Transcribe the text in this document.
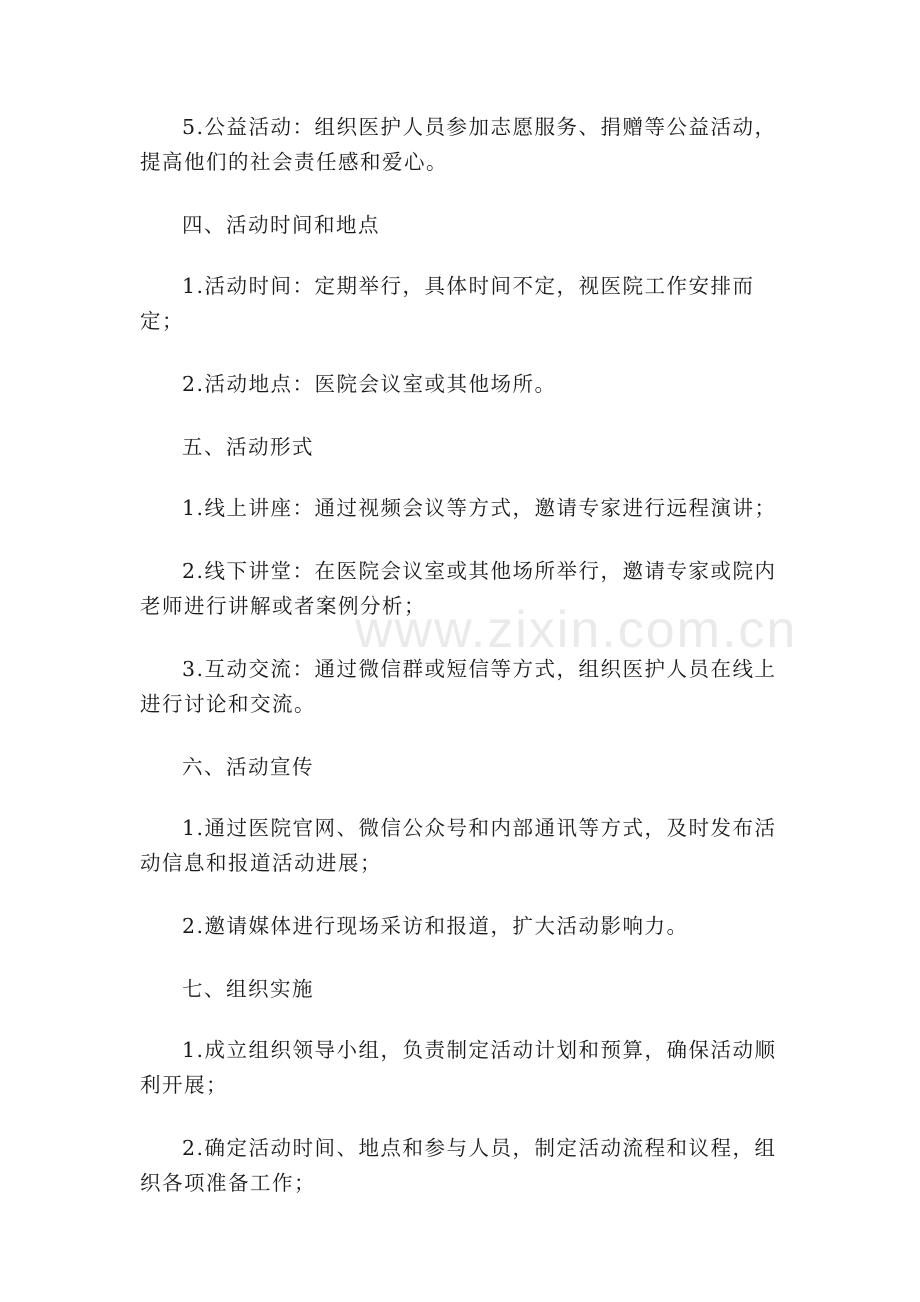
5.公益活动：组织医护人员参加志愿服务、捐赠等公益活动，提高他们的社会责任感和爱心。

四、活动时间和地点

1.活动时间：定期举行，具体时间不定，视医院工作安排而定；

2.活动地点：医院会议室或其他场所。

五、活动形式

1.线上讲座：通过视频会议等方式，邀请专家进行远程演讲；

2.线下讲堂：在医院会议室或其他场所举行，邀请专家或院内老师进行讲解或者案例分析；

3.互动交流：通过微信群或短信等方式，组织医护人员在线上进行讨论和交流。

六、活动宣传

1.通过医院官网、微信公众号和内部通讯等方式，及时发布活动信息和报道活动进展；

2.邀请媒体进行现场采访和报道，扩大活动影响力。

七、组织实施

1.成立组织领导小组，负责制定活动计划和预算，确保活动顺利开展；

2.确定活动时间、地点和参与人员，制定活动流程和议程，组织各项准备工作；

www.zixin.com.cn
